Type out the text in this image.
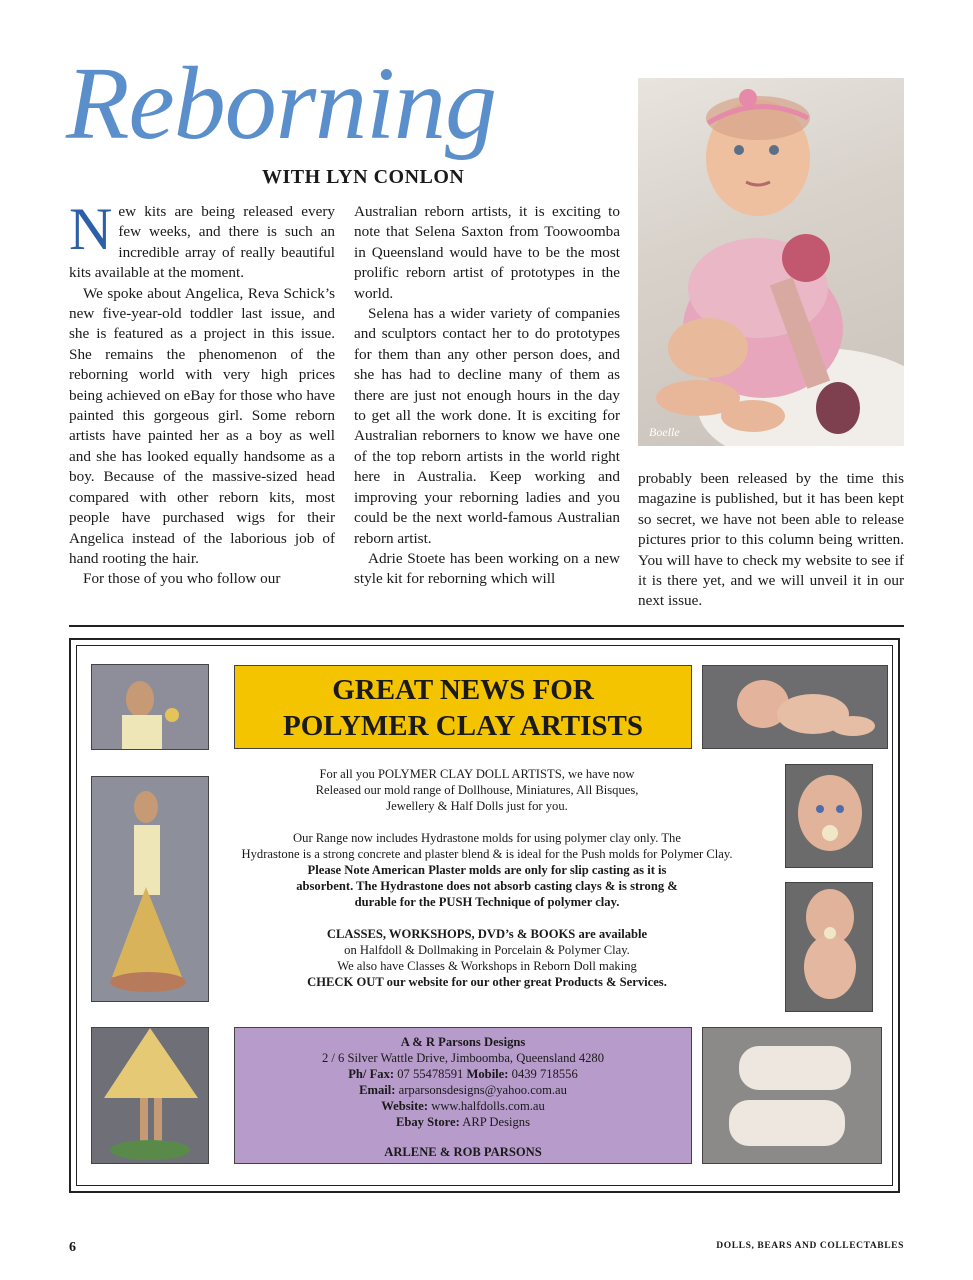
Reborning
WITH LYN CONLON

New kits are being released every few weeks, and there is such an incredible array of really beautiful kits available at the moment.

We spoke about Angelica, Reva Schick’s new five-year-old toddler last issue, and she is featured as a project in this issue. She remains the phenomenon of the reborning world with very high prices being achieved on eBay for those who have painted this gorgeous girl. Some reborn artists have painted her as a boy as well and she has looked equally handsome as a boy. Because of the massive-sized head compared with other reborn kits, most people have purchased wigs for their Angelica instead of the laborious job of hand rooting the hair.

For those of you who follow our

Australian reborn artists, it is exciting to note that Selena Saxton from Toowoomba in Queensland would have to be the most prolific reborn artist of prototypes in the world.

Selena has a wider variety of companies and sculptors contact her to do prototypes for them than any other person does, and she has had to decline many of them as there are just not enough hours in the day to get all the work done. It is exciting for Australian reborners to know we have one of the top reborn artists in the world right here in Australia. Keep working and improving your reborning ladies and you could be the next world-famous Australian reborn artist.

Adrie Stoete has been working on a new style kit for reborning which will

probably been released by the time this magazine is published, but it has been kept so secret, we have not been able to release pictures prior to this column being written. You will have to check my website to see if it is there yet, and we will unveil it in our next issue.

Boelle
GREAT NEWS FOR
POLYMER CLAY ARTISTS

For all you POLYMER CLAY DOLL ARTISTS, we have now

Released our mold range of Dollhouse, Miniatures, All Bisques,

Jewellery & Half Dolls just for you.

Our Range now includes Hydrastone molds for using polymer clay only. The

Hydrastone is a strong concrete and plaster blend & is ideal for the Push molds for Polymer Clay.

Please Note American Plaster molds are only for slip casting as it is

absorbent. The Hydrastone does not absorb casting clays & is strong &

durable for the PUSH Technique of polymer clay.

CLASSES, WORKSHOPS, DVD’s & BOOKS are available

on Halfdoll & Dollmaking in Porcelain & Polymer Clay.

We also have Classes & Workshops in Reborn Doll making

CHECK OUT our website for our other great Products & Services.

A & R Parsons Designs

2 / 6 Silver Wattle Drive, Jimboomba, Queensland 4280

Ph/ Fax: 07 55478591 Mobile: 0439 718556

Email: arparsonsdesigns@yahoo.com.au

Website: www.halfdolls.com.au

Ebay Store: ARP Designs

ARLENE & ROB PARSONS

6	DOLLS, BEARS AND COLLECTABLES
